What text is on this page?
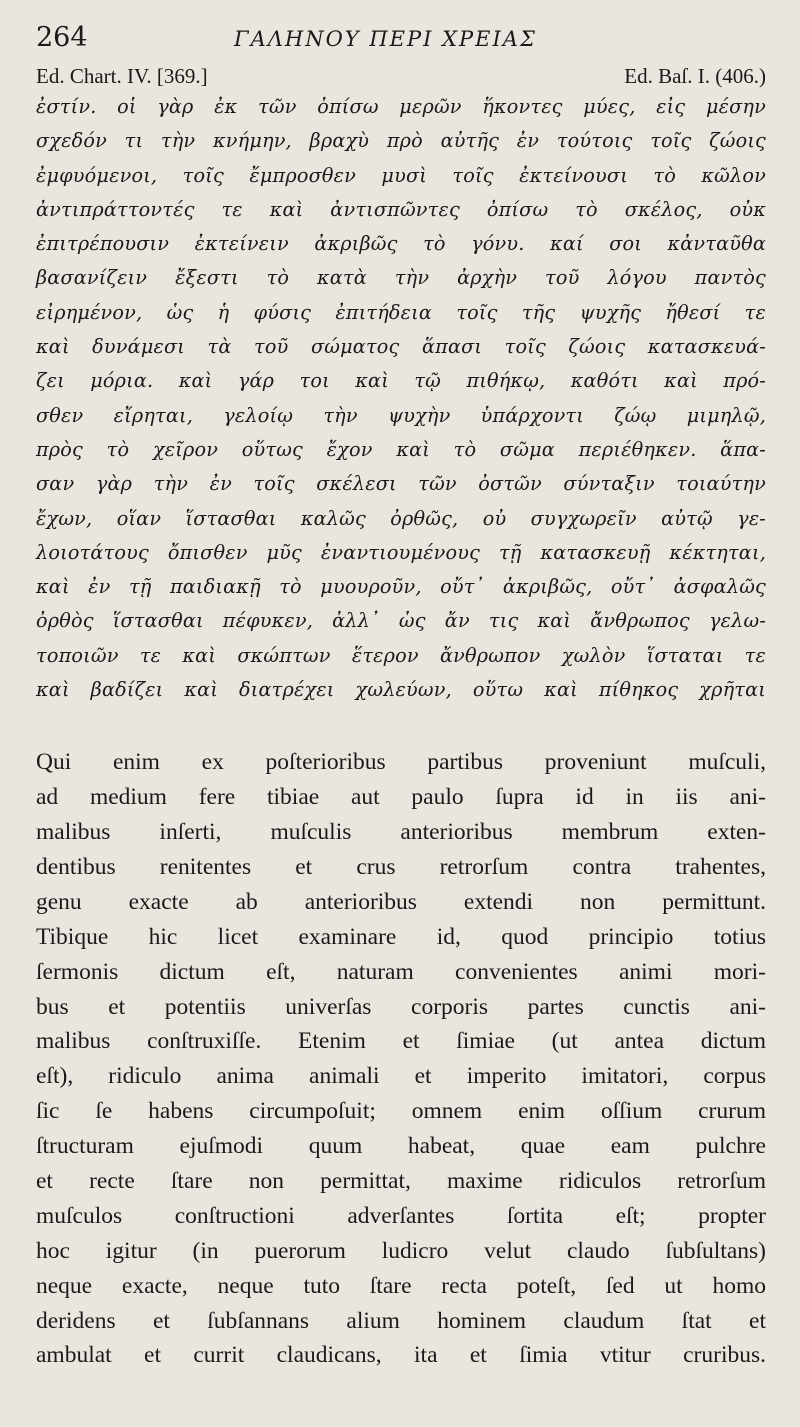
264	ΓΑΛΗΝΟΥ ΠΕΡΙ ΧΡΕΙΑΣ
Ed. Chart. IV. [369.]	Ed. Baſ. I. (406.)
ἐστίν. οἱ γὰρ ἐκ τῶν ὀπίσω μερῶν ἥκοντες μύες, εἰς μέσην
σχεδόν τι τὴν κνήμην, βραχὺ πρὸ αὐτῆς ἐν τούτοις τοῖς ζώοις
ἐμφυόμενοι, τοῖς ἔμπροσθεν μυσὶ τοῖς ἐκτείνουσι τὸ κῶλον
ἀντιπράττοντές τε καὶ ἀντισπῶντες ὀπίσω τὸ σκέλος, οὐκ
ἐπιτρέπουσιν ἐκτείνειν ἀκριβῶς τὸ γόνυ. καί σοι κἀνταῦθα
βασανίζειν ἔξεστι τὸ κατὰ τὴν ἀρχὴν τοῦ λόγου παντὸς
εἰρημένον, ὡς ἡ φύσις ἐπιτήδεια τοῖς τῆς ψυχῆς ἤθεσί τε
καὶ δυνάμεσι τὰ τοῦ σώματος ἅπασι τοῖς ζώοις κατασκευά-
ζει μόρια. καὶ γάρ τοι καὶ τῷ πιθήκῳ, καθότι καὶ πρό-
σθεν εἴρηται, γελοίῳ τὴν ψυχὴν ὑπάρχοντι ζώῳ μιμηλῷ,
πρὸς τὸ χεῖρον οὕτως ἔχον καὶ τὸ σῶμα περιέθηκεν. ἅπα-
σαν γὰρ τὴν ἐν τοῖς σκέλεσι τῶν ὀστῶν σύνταξιν τοιαύτην
ἔχων, οἵαν ἵστασθαι καλῶς ὀρθῶς, οὐ συγχωρεῖν αὐτῷ γε-
λοιοτάτους ὄπισθεν μῦς ἐναντιουμένους τῇ κατασκευῇ κέκτηται,
καὶ ἐν τῇ παιδιακῇ τὸ μυουροῦν, οὔτ᾽ ἀκριβῶς, οὔτ᾽ ἀσφαλῶς
ὀρθὸς ἵστασθαι πέφυκεν, ἀλλ᾽ ὡς ἄν τις καὶ ἄνθρωπος γελω-
τοποιῶν τε καὶ σκώπτων ἕτερον ἄνθρωπον χωλὸν ἵσταται τε
καὶ βαδίζει καὶ διατρέχει χωλεύων, οὕτω καὶ πίθηκος χρῆται
Qui enim ex poſterioribus partibus proveniunt muſculi,
ad medium fere tibiae aut paulo ſupra id in iis ani-
malibus inſerti, muſculis anterioribus membrum exten-
dentibus renitentes et crus retrorſum contra trahentes,
genu exacte ab anterioribus extendi non permittunt.
Tibique hic licet examinare id, quod principio totius
ſermonis dictum eſt, naturam convenientes animi mori-
bus et potentiis univerſas corporis partes cunctis ani-
malibus conſtruxiſſe. Etenim et ſimiae (ut antea dictum
eſt), ridiculo anima animali et imperito imitatori, corpus
ſic ſe habens circumpoſuit; omnem enim oſſium crurum
ſtructuram ejuſmodi quum habeat, quae eam pulchre
et recte ſtare non permittat, maxime ridiculos retrorſum
muſculos conſtructioni adverſantes ſortita eſt; propter
hoc igitur (in puerorum ludicro velut claudo ſubſultans)
neque exacte, neque tuto ſtare recta poteſt, ſed ut homo
deridens et ſubſannans alium hominem claudum ſtat et
ambulat et currit claudicans, ita et ſimia vtitur cruribus.
